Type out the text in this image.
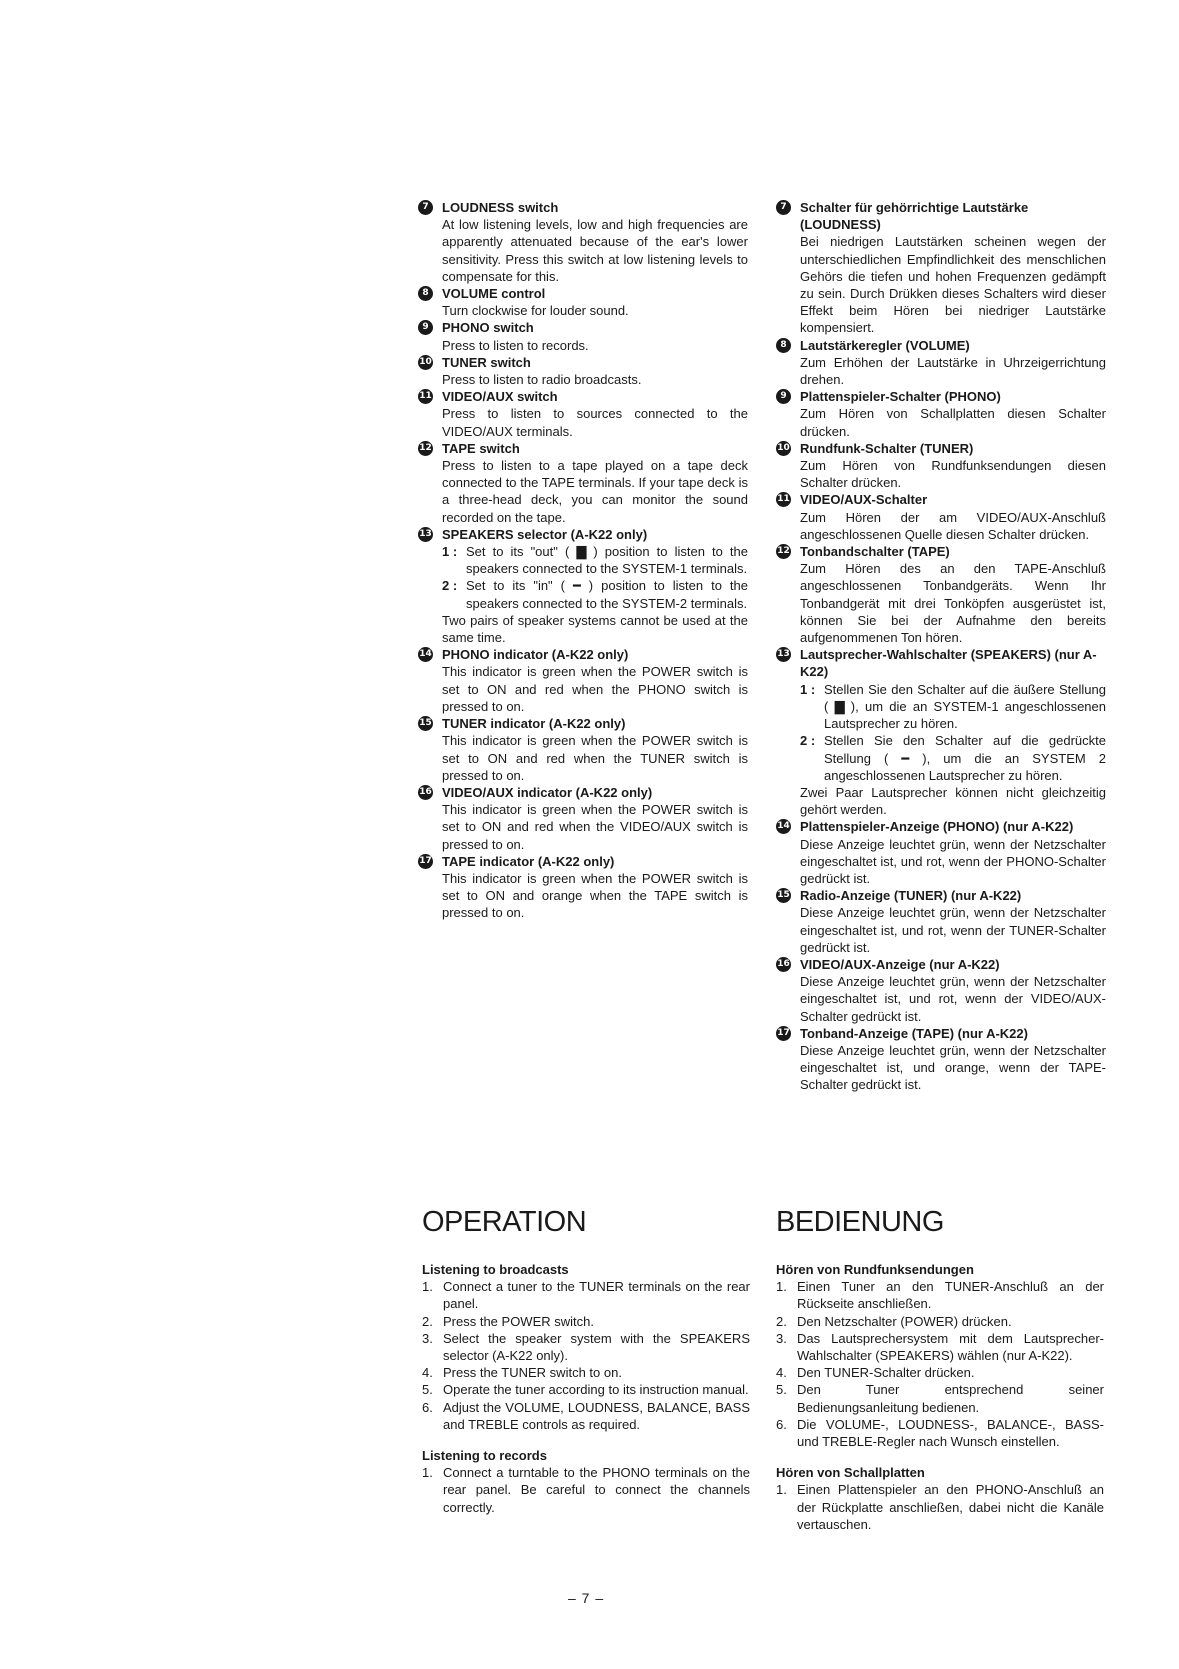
7	LOUDNESS switch
At low listening levels, low and high frequencies are apparently attenuated because of the ear's lower sensitivity. Press this switch at low listening levels to compensate for this.
8	VOLUME control
Turn clockwise for louder sound.
9	PHONO switch
Press to listen to records.
10 TUNER switch
Press to listen to radio broadcasts.
11 VIDEO/AUX switch
Press to listen to sources connected to the VIDEO/AUX terminals.
12 TAPE switch
Press to listen to a tape played on a tape deck connected to the TAPE terminals. If your tape deck is a three-head deck, you can monitor the sound recorded on the tape.
13 SPEAKERS selector (A-K22 only)
1 : Set to its "out" ( ▇ ) position to listen to the speakers connected to the SYSTEM-1 terminals.
2 : Set to its "in" ( ━ ) position to listen to the speakers connected to the SYSTEM-2 terminals.
Two pairs of speaker systems cannot be used at the same time.
14 PHONO indicator (A-K22 only)
This indicator is green when the POWER switch is set to ON and red when the PHONO switch is pressed to on.
15 TUNER indicator (A-K22 only)
This indicator is green when the POWER switch is set to ON and red when the TUNER switch is pressed to on.
16 VIDEO/AUX indicator (A-K22 only)
This indicator is green when the POWER switch is set to ON and red when the VIDEO/AUX switch is pressed to on.
17 TAPE indicator (A-K22 only)
This indicator is green when the POWER switch is set to ON and orange when the TAPE switch is pressed to on.
7	Schalter für gehörrichtige Lautstärke (LOUDNESS)
Bei niedrigen Lautstärken scheinen wegen der unterschiedlichen Empfindlichkeit des menschlichen Gehörs die tiefen und hohen Frequenzen gedämpft zu sein. Durch Drükken dieses Schalters wird dieser Effekt beim Hören bei niedriger Lautstärke kompensiert.
8	Lautstärkeregler (VOLUME)
Zum Erhöhen der Lautstärke in Uhrzeigerrichtung drehen.
9	Plattenspieler-Schalter (PHONO)
Zum Hören von Schallplatten diesen Schalter drücken.
10 Rundfunk-Schalter (TUNER)
Zum Hören von Rundfunksendungen diesen Schalter drücken.
11 VIDEO/AUX-Schalter
Zum Hören der am VIDEO/AUX-Anschluß angeschlossenen Quelle diesen Schalter drücken.
12 Tonbandschalter (TAPE)
Zum Hören des an den TAPE-Anschluß angeschlossenen Tonbandgeräts. Wenn Ihr Tonbandgerät mit drei Tonköpfen ausgerüstet ist, können Sie bei der Aufnahme den bereits aufgenommenen Ton hören.
13 Lautsprecher-Wahlschalter (SPEAKERS) (nur A-K22)
1 : Stellen Sie den Schalter auf die äußere Stellung ( ▇ ), um die an SYSTEM-1 angeschlossenen Lautsprecher zu hören.
2 : Stellen Sie den Schalter auf die gedrückte Stellung ( ━ ), um die an SYSTEM 2 angeschlossenen Lautsprecher zu hören.
Zwei Paar Lautsprecher können nicht gleichzeitig gehört werden.
14 Plattenspieler-Anzeige (PHONO) (nur A-K22)
Diese Anzeige leuchtet grün, wenn der Netzschalter eingeschaltet ist, und rot, wenn der PHONO-Schalter gedrückt ist.
15 Radio-Anzeige (TUNER) (nur A-K22)
Diese Anzeige leuchtet grün, wenn der Netzschalter eingeschaltet ist, und rot, wenn der TUNER-Schalter gedrückt ist.
16 VIDEO/AUX-Anzeige (nur A-K22)
Diese Anzeige leuchtet grün, wenn der Netzschalter eingeschaltet ist, und rot, wenn der VIDEO/AUX-Schalter gedrückt ist.
17 Tonband-Anzeige (TAPE) (nur A-K22)
Diese Anzeige leuchtet grün, wenn der Netzschalter eingeschaltet ist, und orange, wenn der TAPE-Schalter gedrückt ist.
OPERATION	BEDIENUNG
Listening to broadcasts
1. Connect a tuner to the TUNER terminals on the rear panel.
2. Press the POWER switch.
3. Select the speaker system with the SPEAKERS selector (A-K22 only).
4. Press the TUNER switch to on.
5. Operate the tuner according to its instruction manual.
6. Adjust the VOLUME, LOUDNESS, BALANCE, BASS and TREBLE controls as required.
Listening to records
1. Connect a turntable to the PHONO terminals on the rear panel. Be careful to connect the channels correctly.
Hören von Rundfunksendungen
1. Einen Tuner an den TUNER-Anschluß an der Rückseite anschließen.
2. Den Netzschalter (POWER) drücken.
3. Das Lautsprechersystem mit dem Lautsprecher-Wahlschalter (SPEAKERS) wählen (nur A-K22).
4. Den TUNER-Schalter drücken.
5. Den Tuner entsprechend seiner Bedienungsanleitung bedienen.
6. Die VOLUME-, LOUDNESS-, BALANCE-, BASS- und TREBLE-Regler nach Wunsch einstellen.
Hören von Schallplatten
1. Einen Plattenspieler an den PHONO-Anschluß an der Rückplatte anschließen, dabei nicht die Kanäle vertauschen.
– 7 –
